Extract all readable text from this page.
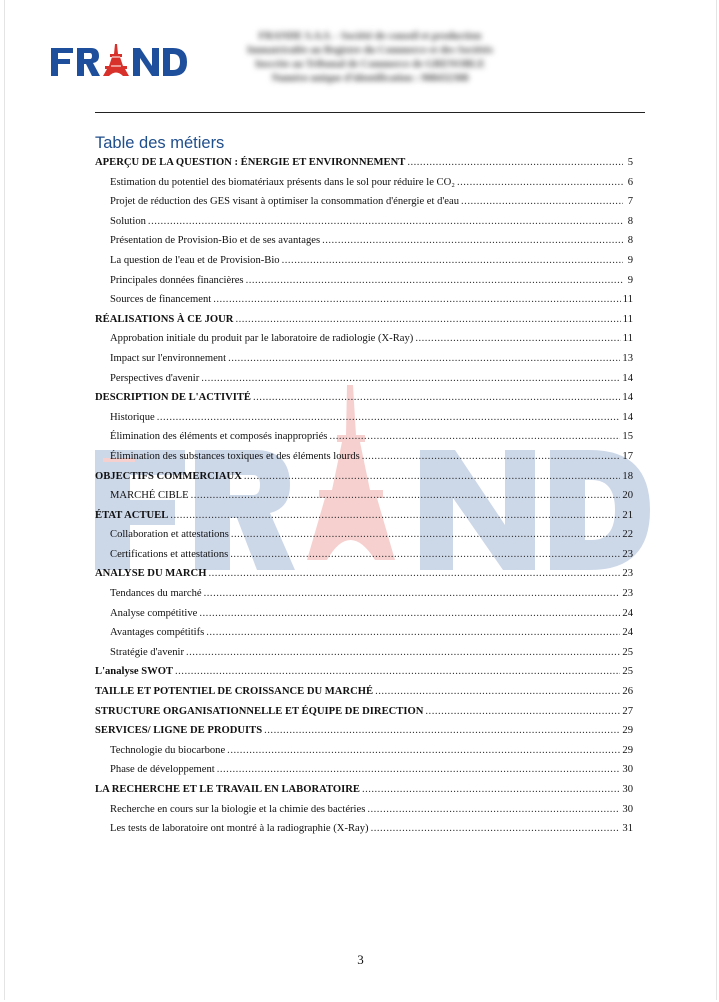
FRANDE S.A.S. - Société de conseil et production
Immatriculée au Registre du Commerce et des Sociétés
Inscrite au Tribunal de Commerce de GRENOBLE
Numéro unique d'identification : 908432308
Table des métiers
APERÇU DE LA QUESTION : ÉNERGIE ET ENVIRONNEMENT .....	5
Estimation du potentiel des biomatériaux présents dans le sol pour réduire le CO₂ .....	6
Projet de réduction des GES visant à optimiser la consommation d'énergie et d'eau .....	7
Solution .....	8
Présentation de Provision-Bio et de ses avantages .....	8
La question de l'eau et de Provision-Bio .....	9
Principales données financières .....	9
Sources de financement .....	11
RÉALISATIONS À CE JOUR .....	11
Approbation initiale du produit par le laboratoire de radiologie (X-Ray) .....	11
Impact sur l'environnement .....	13
Perspectives d'avenir .....	14
DESCRIPTION DE L'ACTIVITÉ .....	14
Historique .....	14
Élimination des éléments et composés inappropriés .....	15
Élimination des substances toxiques et des éléments lourds .....	17
OBJECTIFS COMMERCIAUX .....	18
MARCHÉ CIBLE .....	20
ÉTAT ACTUEL .....	21
Collaboration et attestations .....	22
Certifications et attestations .....	23
ANALYSE DU MARCH .....	23
Tendances du marché .....	23
Analyse compétitive .....	24
Avantages compétitifs .....	24
Stratégie d'avenir .....	25
L'analyse SWOT .....	25
TAILLE ET POTENTIEL DE CROISSANCE DU MARCHÉ .....	26
STRUCTURE ORGANISATIONNELLE ET ÉQUIPE DE DIRECTION .....	27
SERVICES/ LIGNE DE PRODUITS .....	29
Technologie du biocarbone .....	29
Phase de développement .....	30
LA RECHERCHE ET LE TRAVAIL EN LABORATOIRE .....	30
Recherche en cours sur la biologie et la chimie des bactéries .....	30
Les tests de laboratoire ont montré à la radiographie (X-Ray) .....	31
3
